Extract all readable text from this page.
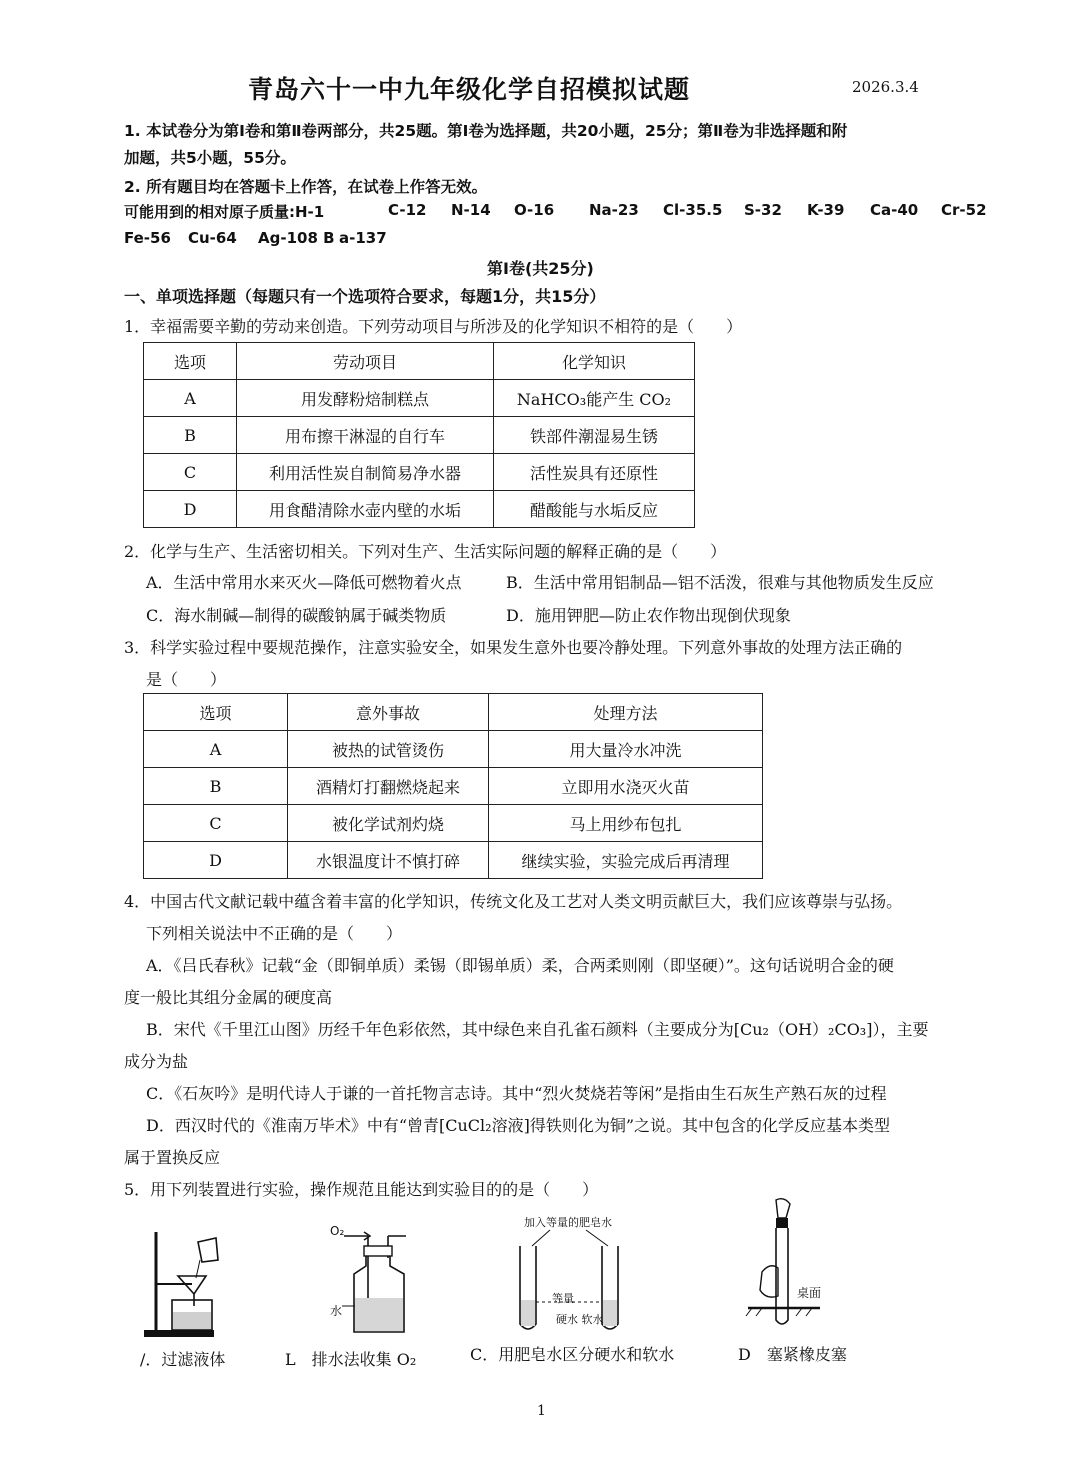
青岛六十一中九年级化学自招模拟试题	2026.3.4
1. 本试卷分为第Ⅰ卷和第Ⅱ卷两部分，共25题。第Ⅰ卷为选择题，共20小题，25分；第Ⅱ卷为非选择题和附
加题，共5小题，55分。
2. 所有题目均在答题卡上作答，在试卷上作答无效。
可能用到的相对原子质量:H-1	C-12 N-14 O-16 Na-23 Cl-35.5 S-32 K-39 Ca-40 Cr-52
Fe-56 Cu-64 Ag-108 B a-137
第Ⅰ卷(共25分)
一、单项选择题（每题只有一个选项符合要求，每题1分，共15分）
1．幸福需要辛勤的劳动来创造。下列劳动项目与所涉及的化学知识不相符的是（　　）
选项	劳动项目	化学知识
A	用发酵粉焙制糕点	NaHCO₃能产生 CO₂
B	用布擦干淋湿的自行车	铁部件潮湿易生锈
C	利用活性炭自制简易净水器	活性炭具有还原性
D	用食醋清除水壶内壁的水垢	醋酸能与水垢反应
2．化学与生产、生活密切相关。下列对生产、生活实际问题的解释正确的是（　　）
A．生活中常用水来灭火—降低可燃物着火点	B．生活中常用铝制品—铝不活泼，很难与其他物质发生反应
C．海水制碱—制得的碳酸钠属于碱类物质	D．施用钾肥—防止农作物出现倒伏现象
3．科学实验过程中要规范操作，注意实验安全，如果发生意外也要冷静处理。下列意外事故的处理方法正确的
是（　　）
选项	意外事故	处理方法
A	被热的试管烫伤	用大量冷水冲洗
B	酒精灯打翻燃烧起来	立即用水浇灭火苗
C	被化学试剂灼烧	马上用纱布包扎
D	水银温度计不慎打碎	继续实验，实验完成后再清理
4．中国古代文献记载中蕴含着丰富的化学知识，传统文化及工艺对人类文明贡献巨大，我们应该尊崇与弘扬。
下列相关说法中不正确的是（　　）
A．《吕氏春秋》记载“金（即铜单质）柔锡（即锡单质）柔，合两柔则刚（即坚硬）”。这句话说明合金的硬
度一般比其组分金属的硬度高
B．宋代《千里江山图》历经千年色彩依然，其中绿色来自孔雀石颜料（主要成分为[Cu₂（OH）₂CO₃]），主要
成分为盐
C．《石灰吟》是明代诗人于谦的一首托物言志诗。其中“烈火焚烧若等闲”是指由生石灰生产熟石灰的过程
D．西汉时代的《淮南万毕术》中有“曾青[CuCl₂溶液]得铁则化为铜”之说。其中包含的化学反应基本类型
属于置换反应
5．用下列装置进行实验，操作规范且能达到实验目的的是（　　）
/．过滤液体
O₂
水
L　排水法收集 O₂
加入等量的肥皂水
等量
硬水 软水
C．用肥皂水区分硬水和软水
桌面
D　塞紧橡皮塞
1
